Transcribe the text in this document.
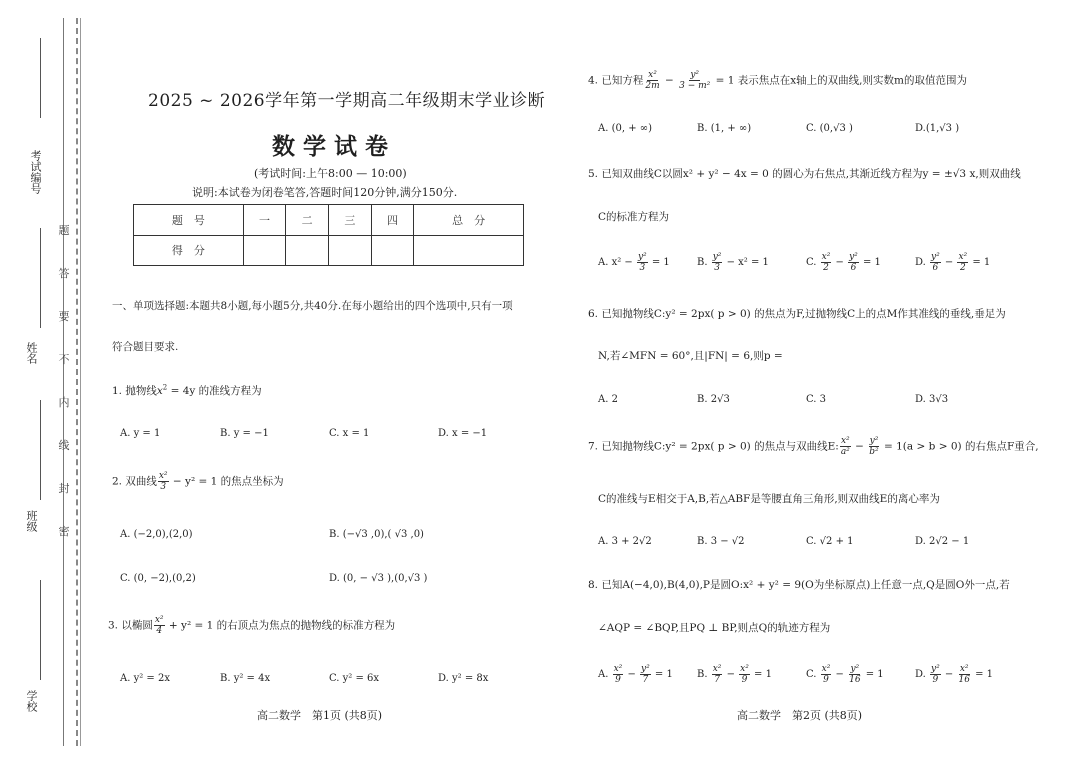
考试编号
姓名
班级
学校
题
答
要
不
内
线
封
密
2025 ~ 2026学年第一学期高二年级期末学业诊断
数学试卷
(考试时间:上午8:00 — 10:00)
说明:本试卷为闭卷笔答,答题时间120分钟,满分150分.
题　号	一	二	三	四	总　分
得　分					
一、单项选择题:本题共8小题,每小题5分,共40分.在每小题给出的四个选项中,只有一项
符合题目要求.
1. 抛物线$x^2 = 4y$ 的准线方程为
A. y = 1	B. y = −1	C. x = 1	D. x = −1
2. 双曲线 $\frac{\text{x²}}{3} - y^2 = 1$ 的焦点坐标为
A. (−2,0),(2,0)	B. (−√3 ,0),( √3 ,0)
C. (0, −2),(0,2)	D. (0, − √3 ),(0,√3 )
3. 以椭圆 $\frac{\text{x²}}{4} + y^2 = 1$ 的右顶点为焦点的抛物线的标准方程为
A. y² = 2x	B. y² = 4x	C. y² = 6x	D. y² = 8x
高二数学　第1页 (共8页)
4. 已知方程 $\frac{\text{x²}}{2m} - \frac{\text{y²}}{\text{3 − m²}} = 1$ 表示焦点在x轴上的双曲线,则实数m的取值范围为
A. (0, + ∞)	B. (1, + ∞)	C. (0,√3 )	D.(1,√3 )
5. 已知双曲线C以圆x² + y² − 4x = 0 的圆心为右焦点,其渐近线方程为y = ±√3 x,则双曲线
C的标准方程为
A. $x^2 - \frac{\text{y²}}{3} = 1$	B. $\frac{\text{y²}}{3} - x^2 = 1$	C. $\frac{\text{x²}}{2} - \frac{\text{y²}}{6} = 1$	D. $\frac{\text{y²}}{6} - \frac{\text{x²}}{2} = 1$
6. 已知抛物线C:y² = 2px( p > 0) 的焦点为F,过抛物线C上的点M作其准线的垂线,垂足为
N,若∠MFN = 60°,且|FN| = 6,则p =
A. 2	B. 2√3	C. 3	D. 3√3
7. 已知抛物线C:y² = 2px( p > 0) 的焦点与双曲线E: $\frac{\text{x²}}{\text{a²}} - \frac{\text{y²}}{\text{b²}} = 1(a > b > 0)$ 的右焦点F重合,
C的准线与E相交于A,B,若△ABF是等腰直角三角形,则双曲线E的离心率为
A. 3 + 2√2	B. 3 − √2	C. √2 + 1	D. 2√2 − 1
8. 已知A(−4,0),B(4,0),P是圆O:x² + y² = 9(O为坐标原点)上任意一点,Q是圆O外一点,若
∠AQP = ∠BQP,且PQ ⊥ BP,则点Q的轨迹方程为
A. $\frac{\text{x²}}{9} - \frac{\text{y²}}{7} = 1$ B. $\frac{\text{x²}}{7} - \frac{\text{x²}}{9} = 1$	C. $\frac{\text{x²}}{9} - \frac{\text{y²}}{16} = 1$	D. $\frac{\text{y²}}{9} - \frac{\text{x²}}{16} = 1$
高二数学　第2页 (共8页)
